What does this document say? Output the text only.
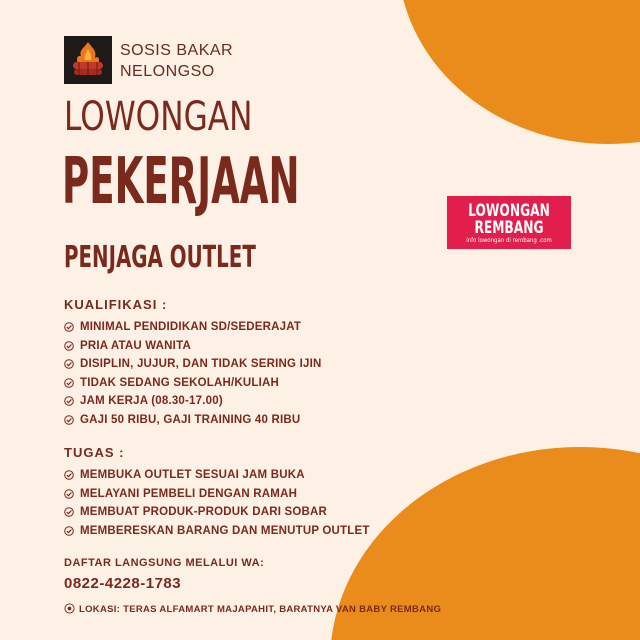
SOSIS BAKAR
NELONGSO
LOWONGAN
PEKERJAAN
PENJAGA OUTLET
LOWONGAN
REMBANG
info lowongan di rembang .com
KUALIFIKASI :
MINIMAL PENDIDIKAN SD/SEDERAJAT
PRIA ATAU WANITA
DISIPLIN, JUJUR, DAN TIDAK SERING IJIN
TIDAK SEDANG SEKOLAH/KULIAH
JAM KERJA (08.30-17.00)
GAJI 50 RIBU, GAJI TRAINING 40 RIBU
TUGAS :
MEMBUKA OUTLET SESUAI JAM BUKA
MELAYANI PEMBELI DENGAN RAMAH
MEMBUAT PRODUK-PRODUK DARI SOBAR
MEMBERESKAN BARANG DAN MENUTUP OUTLET
DAFTAR LANGSUNG MELALUI WA:
0822-4228-1783
LOKASI: TERAS ALFAMART MAJAPAHIT, BARATNYA VAN BABY REMBANG
